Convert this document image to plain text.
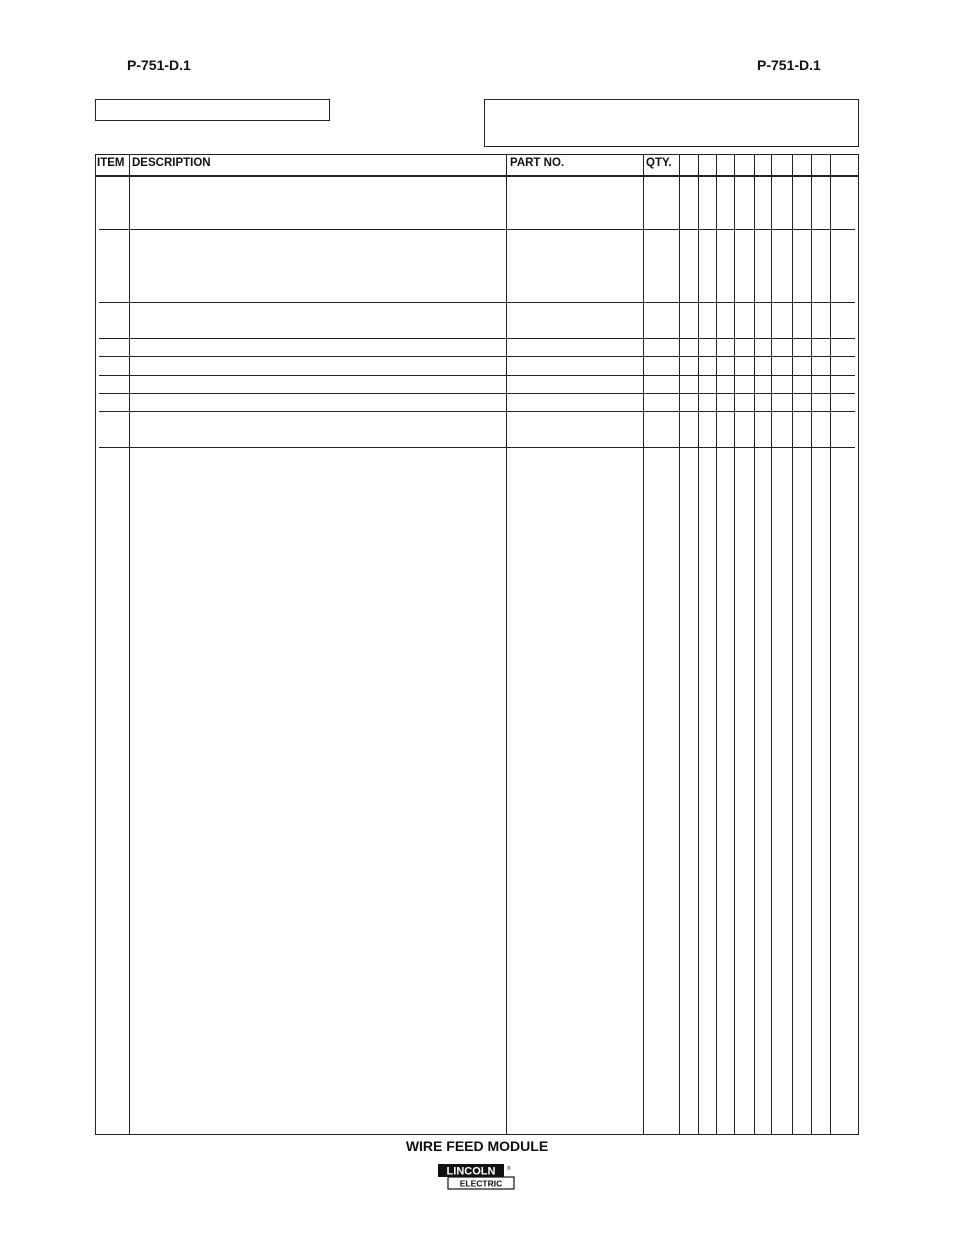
P-751-D.1	P-751-D.1
ITEM DESCRIPTION	PART NO.	QTY.
WIRE FEED MODULE
LINCOLN ®
ELECTRIC
